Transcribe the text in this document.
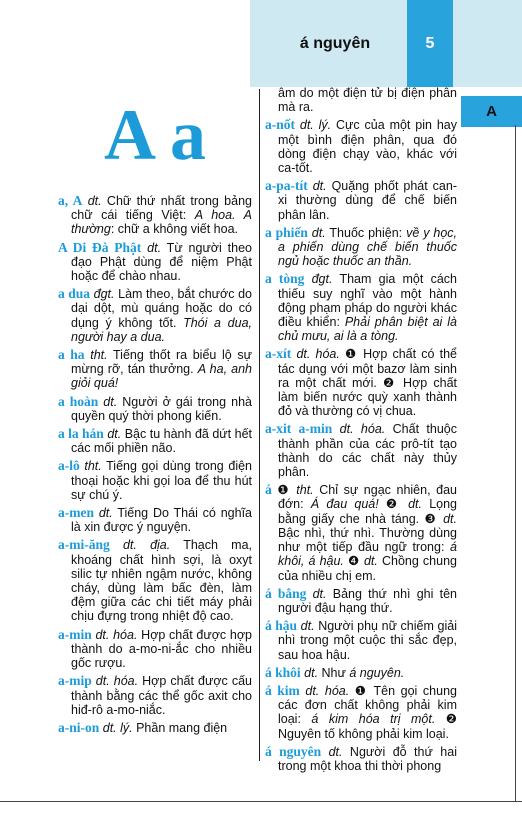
á nguyên	5
A
A a

a, A dt. Chữ thứ nhất trong bảng chữ cái tiếng Việt: A hoa. A thường: chữ a không viết hoa.

A Di Đà Phật dt. Từ người theo đạo Phật dùng để niệm Phật hoặc để chào nhau.

a dua đgt. Làm theo, bắt chước do dại dột, mù quáng hoặc do có dụng ý không tốt. Thói a dua, người hay a dua.

a ha tht. Tiếng thốt ra biểu lộ sự mừng rỡ, tán thưởng. A ha, anh giỏi quá!

a hoàn dt. Người ở gái trong nhà quyền quý thời phong kiến.

a la hán dt. Bậc tu hành đã dứt hết các mối phiền não.

a-lô tht. Tiếng gọi dùng trong điện thoại hoặc khi gọi loa để thu hút sự chú ý.

a-men dt. Tiếng Do Thái có nghĩa là xin được ý nguyện.

a-mi-ăng dt. địa. Thạch ma, khoáng chất hình sợi, là oxyt silic tự nhiên ngậm nước, không cháy, dùng làm bấc đèn, làm đệm giữa các chi tiết máy phải chịu đựng trong nhiệt độ cao.

a-min dt. hóa. Hợp chất được hợp thành do a-mo-ni-ắc cho nhiều gốc rượu.

a-mip dt. hóa. Hợp chất được cấu thành bằng các thể gốc axit cho hiđ-rô a-mo-niắc.

a-ni-on dt. lý. Phần mang điện

âm do một điện tử bị điện phân mà ra.

a-nốt dt. lý. Cực của một pin hay một bình điện phân, qua đó dòng điện chạy vào, khác với ca-tốt.

a-pa-tít dt. Quặng phốt phát can-xi thường dùng để chế biến phân lân.

a phiến dt. Thuốc phiện: về y học, a phiến dùng chế biến thuốc ngủ hoặc thuốc an thần.

a tòng đgt. Tham gia một cách thiếu suy nghĩ vào một hành động phạm pháp do người khác điều khiển: Phải phân biệt ai là chủ mưu, ai là a tòng.

a-xít dt. hóa. ❶ Hợp chất có thể tác dụng với một bazơ làm sinh ra một chất mới. ❷ Hợp chất làm biến nước quỳ xanh thành đỏ và thường có vị chua.

a-xit a-min dt. hóa. Chất thuộc thành phần của các prô-tít tạo thành do các chất này thủy phân.

á ❶ tht. Chỉ sự ngạc nhiên, đau đớn: Á đau quá! ❷ dt. Lọng bằng giấy che nhà táng. ❸ dt. Bậc nhì, thứ nhì. Thường dùng như một tiếp đầu ngữ trong: á khôi, á hậu. ❹ dt. Chồng chung của nhiều chị em.

á bẳng dt. Bảng thứ nhì ghi tên người đậu hạng thứ.

á hậu dt. Người phụ nữ chiếm giải nhì trong một cuộc thi sắc đẹp, sau hoa hậu.

á khôi dt. Như á nguyên.

á kim dt. hóa. ❶ Tên gọi chung các đơn chất không phải kim loại: á kim hóa trị một. ❷ Nguyên tố không phải kim loại.

á nguyên dt. Người đỗ thứ hai trong một khoa thi thời phong
